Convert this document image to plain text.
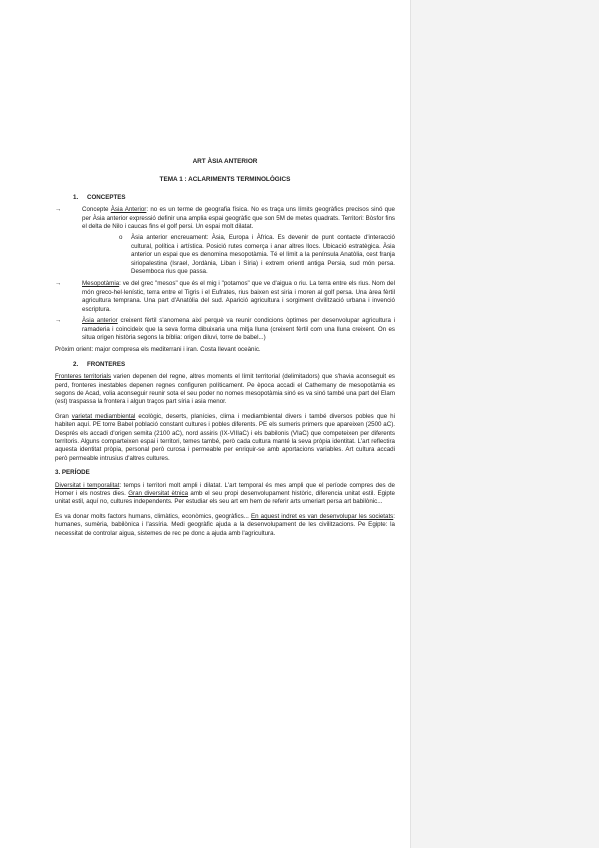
ART ÀSIA ANTERIOR
TEMA 1 : ACLARIMENTS TERMINOLÒGICS
1. CONCEPTES
→	Concepte Àsia Anterior: no es un terme de geografia física. No es traça uns límits geogràfics precisos sinó que per Àsia anterior expressió definir una amplia espai geogràfic que son 5M de metes quadrats. Territori: Bòsfor fins el delta de Nilo i caucas fins el golf persi. Un espai molt dilatat.
o Àsia anterior encreuament: Àsia, Europa i Àfrica. Es devenir de punt contacte d'interacció cultural, política i artística. Posició rutes comerça i anar altres llocs. Ubicació estratègica. Àsia anterior un espai que es denomina mesopotàmia. Té el límit a la península Anatòlia, cest franja siriopalestina (Israel, Jordània, Liban i Síria) i extrem orientl antiga Persia, sud món persa. Desemboca rius que passa.
→	Mesopotàmia: ve del grec "mesos" que és el mig i "potamos" que ve d'aigua o riu. La terra entre els rius. Nom del món greco-hel·lenístic, terra entre el Tigris i el Eufrates, rius baixen est siria i moren al golf persa. Una àrea fèrtil agricultura temprana. Una part d'Anatòlia del sud. Aparició agricultura i sorgiment civilització urbana i invenció escriptura.
→	Àsia anterior creixent fèrtil s'anomena així perquè va reunir condicions òptimes per desenvolupar agricultura i ramaderia i coincideix que la seva forma dibuixaria una mitja lluna (creixent fèrtil com una lluna creixent. On es situa origen història segons la bíblia: origen diluvi, torre de babel...)

Pròxim orient: major compresa els mediterrani i iran. Costa llevant oceànic.

2. FRONTERES

Fronteres territorials varien depenen del regne, altres moments el límit territorial (delimitadors) que s'havia aconseguit es perd, fronteres inestables depenen regnes configuren políticament. Pe època accadi el Cathemany de mesopotàmia es segons de Acad, volia aconseguir reunir sota el seu poder no nomes mesopotàmia sinó es va sinó també una part del Elam (est) traspassa la frontera i algun traços part síria i asia menor.

Gran varietat mediambiental ecològic, deserts, planícies, clima i mediambiental divers i també diversos pobles que hi habiten aquí. PE torre Babel població constant cultures i pobles diferents. PE els sumeris primers que apareixen (2500 aC). Després els accadi d'origen semita (2100 aC), nord assiris (IX-VIIIaC) i els babilonis (VIaC) que competeixen per diferents territoris. Alguns comparteixen espai i territori, temes també, però cada cultura manté la seva pròpia identitat. L'art reflectira aquesta identitat pròpia, personal però curosa i permeable per enriquir-se amb aportacions variables. Art cultura accadi però permeable intrusius d'altres cultures.

3. PERÍODE

Diversitat i temporalitat: temps i territori molt ampli i dilatat. L'art temporal és mes ampli que el període compres des de Homer i els nostres dies. Gran diversitat ètnica amb el seu propi desenvolupament històric, diferencia unitat estil. Egipte unitat estil, aquí no, cultures independents. Per estudiar els seu art em hem de referir arts umeriart persa art babilònic...

Es va donar molts factors humans, climàtics, econòmics, geogràfics... En aquest indret es van desenvolupar les societats: humanes, sumèria, babilònica i l'assíria. Medi geogràfic ajuda a la desenvolupament de les civilitzacions. Pe Egipte: la necessitat de controlar aigua, sistemes de rec pe donc a ajuda amb l'agricultura.
